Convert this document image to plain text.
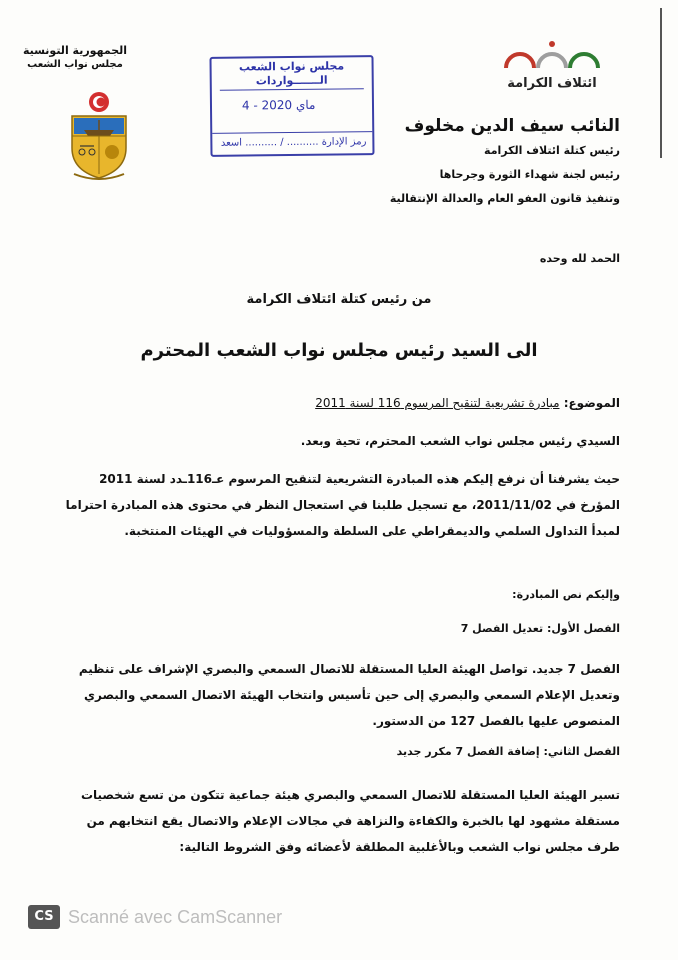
الجمهورية التونسية
مجلس نواب الشعب	مجلس نواب الشعب
الـــــــواردات
4 - ماي 2020
رمز الإدارة .......... / .......... اسعد
ائتلاف الكرامة
النائب سيف الدين مخلوف
رئيس كتلة ائتلاف الكرامة
رئيس لجنة شهداء الثورة وجرحاها
وتنفيذ قانون العفو العام والعدالة الإنتقالية
الحمد لله وحده
من رئيس كتلة ائتلاف الكرامة
الى السيد رئيس مجلس نواب الشعب المحترم
الموضوع: مبادرة تشريعية لتنقيح المرسوم 116 لسنة 2011
السيدي رئيس مجلس نواب الشعب المحترم، تحية وبعد.
حيث يشرفنا أن نرفع إليكم هذه المبادرة التشريعية لتنقيح المرسوم عـ116ـدد لسنة 2011 المؤرخ في 2011/11/02، مع تسجيل طلبنا في استعجال النظر في محتوى هذه المبادرة احتراما لمبدأ التداول السلمي والديمقراطي على السلطة والمسؤوليات في الهيئات المنتخبة.
وإليكم نص المبادرة:
الفصل الأول: تعديل الفصل 7
الفصل 7 جديد. تواصل الهيئة العليا المستقلة للاتصال السمعي والبصري الإشراف على تنظيم وتعديل الإعلام السمعي والبصري إلى حين تأسيس وانتخاب الهيئة الاتصال السمعي والبصري المنصوص عليها بالفصل 127 من الدستور.
الفصل الثاني: إضافة الفصل 7 مكرر جديد
تسير الهيئة العليا المستقلة للاتصال السمعي والبصري هيئة جماعية تتكون من تسع شخصيات مستقلة مشهود لها بالخبرة والكفاءة والنزاهة في مجالات الإعلام والاتصال يقع انتخابهم من طرف مجلس نواب الشعب وبالأغلبية المطلقة لأعضائه وفق الشروط التالية:
CS Scanné avec CamScanner
